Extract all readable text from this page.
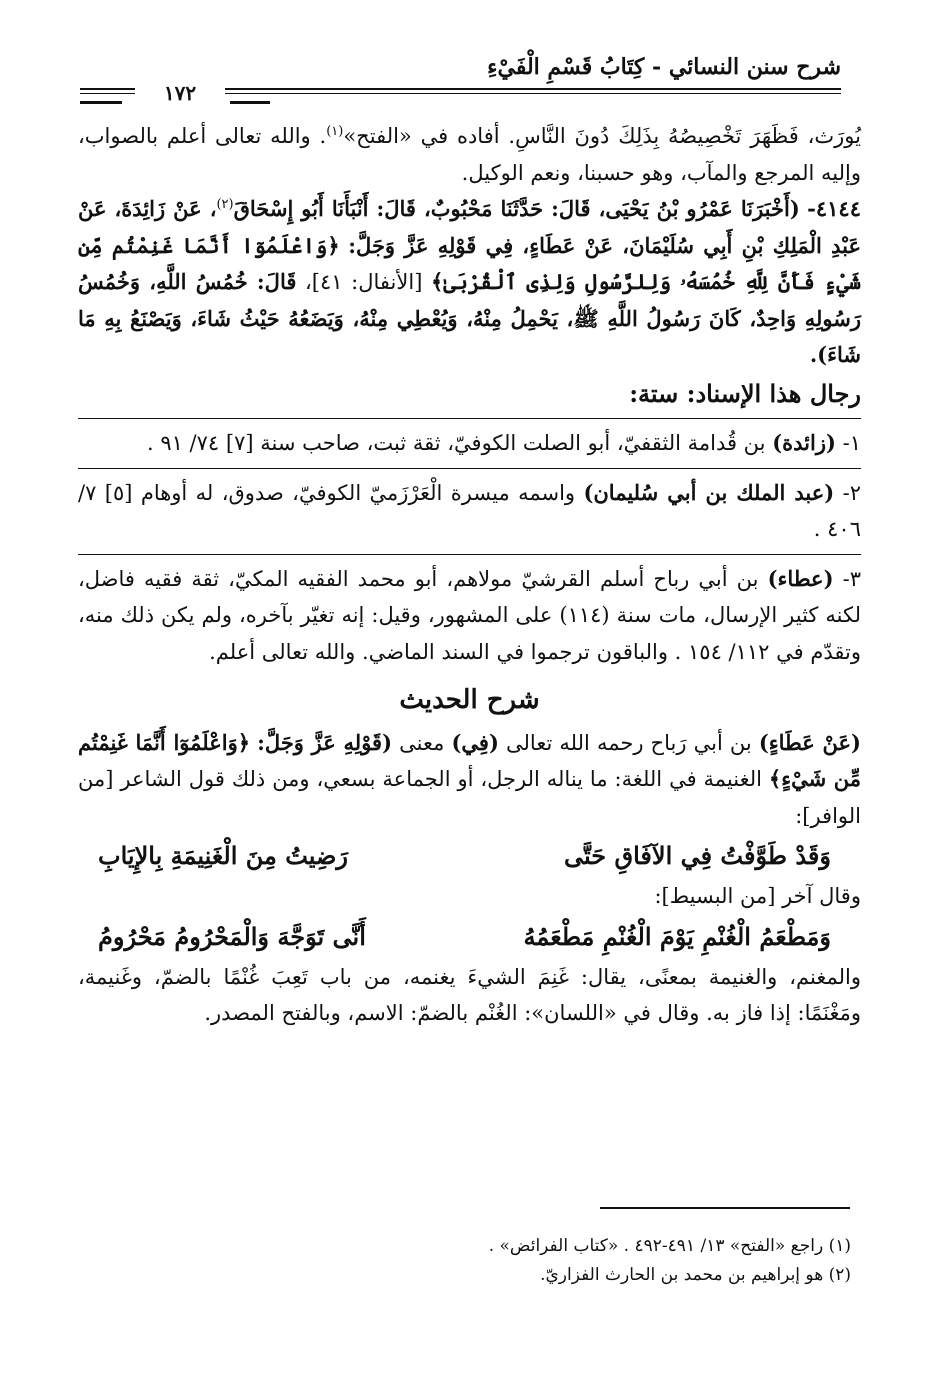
شرح سنن النسائي - كِتَابُ قَسْمِ الْفَيْءِ
١٧٢

يُورَث، فَظَهَرَ تَخْصِيصُهُ بِذَلِكَ دُونَ النَّاسِ. أفاده في «الفتح»$^{(١)}$. والله تعالى أعلم بالصواب، وإليه المرجع والمآب، وهو حسبنا، ونعم الوكيل.

٤١٤٤- (أَخْبَرَنَا عَمْرُو بْنُ يَحْيَى، قَالَ: حَدَّثَنَا مَحْبُوبٌ، قَالَ: أَنْبَأَنَا أَبُو إِسْحَاقَ$^{(٢)}$، عَنْ زَائِدَةَ، عَنْ عَبْدِ الْمَلِكِ بْنِ أَبِي سُلَيْمَانَ، عَنْ عَطَاءٍ، فِي قَوْلِهِ عَزَّ وَجَلَّ: ﴿وَاعْلَمُوٓا أَنَّمَا غَنِمْتُم مِّن شَيْءٍ فَأَنَّ لِلَّهِ خُمُسَهُۥ وَلِلرَّسُولِ وَلِذِى ٱلْقُرْبَىٰ﴾ [الأنفال: ٤١]، قَالَ: خُمُسُ اللَّهِ، وَخُمُسُ رَسُولِهِ وَاحِدٌ، كَانَ رَسُولُ اللَّهِ ﷺ، يَحْمِلُ مِنْهُ، وَيُعْطِي مِنْهُ، وَيَضَعُهُ حَيْثُ شَاءَ، وَيَصْنَعُ بِهِ مَا شَاءَ).

رجال هذا الإسناد: ستة:

١- (زائدة) بن قُدامة الثقفيّ، أبو الصلت الكوفيّ، ثقة ثبت، صاحب سنة [٧] ٧٤/ ٩١ .

٢- (عبد الملك بن أبي سُليمان) واسمه ميسرة الْعَرْزَميّ الكوفيّ، صدوق، له أوهام [٥] ٧/ ٤٠٦ .

٣- (عطاء) بن أبي رباح أسلم القرشيّ مولاهم، أبو محمد الفقيه المكيّ، ثقة فقيه فاضل، لكنه كثير الإرسال، مات سنة (١١٤) على المشهور، وقيل: إنه تغيّر بآخره، ولم يكن ذلك منه، وتقدّم في ١١٢/ ١٥٤ . والباقون ترجموا في السند الماضي. والله تعالى أعلم.

شرح الحديث

(عَنْ عَطَاءٍ) بن أبي رَباح رحمه الله تعالى (فِي) معنى (قَوْلِهِ عَزَّ وَجَلَّ: ﴿وَاعْلَمُوٓا أَنَّمَا غَنِمْتُم مِّن شَيْءٍ﴾ الغنيمة في اللغة: ما يناله الرجل، أو الجماعة بسعي، ومن ذلك قول الشاعر [من الوافر]:

وَقَدْ طَوَّفْتُ فِي الآفَاقِ حَتَّى
رَضِيتُ مِنَ الْغَنِيمَةِ بِالإِيَابِ

وقال آخر [من البسيط]:

وَمَطْعَمُ الْغُنْمِ يَوْمَ الْغُنْمِ مَطْعَمُهُ
أَنَّى تَوَجَّهَ وَالْمَحْرُومُ مَحْرُومُ

والمغنم، والغنيمة بمعنًى، يقال: غَنِمَ الشيءَ يغنمه، من باب تَعِبَ غُنْمًا بالضمّ، وغَنيمة، ومَغْنَمًا: إذا فاز به. وقال في «اللسان»: الغُنْم بالضمّ: الاسم، وبالفتح المصدر.

(١) راجع «الفتح» ١٣/ ٤٩١-٤٩٢ . «كتاب الفرائض» .

(٢) هو إبراهيم بن محمد بن الحارث الفزاريّ.
